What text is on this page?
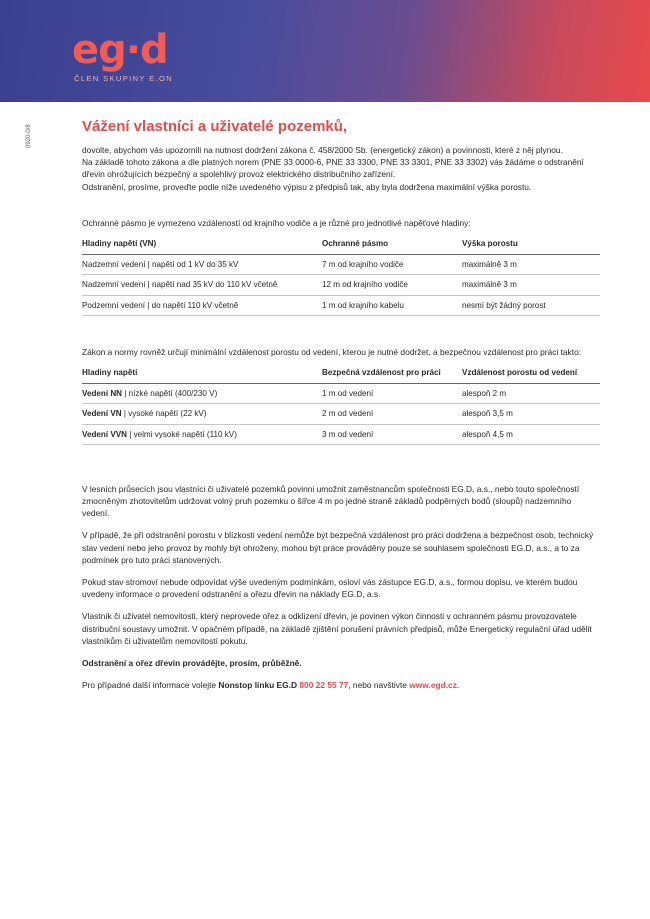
eg·d
ČLEN SKUPINY E.ON
0920-0/8	Vážení vlastníci a uživatelé pozemků,

dovolte, abychom vás upozornili na nutnost dodržení zákona č. 458/2000 Sb. (energetický zákon) a povinnosti, které z něj plynou.
Na základě tohoto zákona a dle platných norem (PNE 33 0000-6, PNE 33 3300, PNE 33 3301, PNE 33 3302) vás žádáme o odstranění
dřevin ohrožujících bezpečný a spolehlivý provoz elektrického distribučního zařízení.
Odstranění, prosíme, proveďte podle níže uvedeného výpisu z předpisů tak, aby byla dodržena maximální výška porostu.

Ochranné pásmo je vymezeno vzdáleností od krajního vodiče a je různé pro jednotlivé napěťové hladiny:

Hladiny napětí (VN)	Ochranné pásmo	Výška porostu
Nadzemní vedení | napětí od 1 kV do 35 kV	7 m od krajního vodiče	maximálně 3 m
Nadzemní vedení | napětí nad 35 kV do 110 kV včetně	12 m od krajního vodiče	maximálně 3 m
Podzemní vedení | do napětí 110 kV včetně	1 m od krajního kabelu	nesmí být žádný porost

Zákon a normy rovněž určují minimální vzdálenost porostu od vedení, kterou je nutné dodržet, a bezpečnou vzdálenost pro práci takto:

Hladiny napětí	Bezpečná vzdálenost pro práci	Vzdálenost porostu od vedení
Vedení NN | nízké napětí (400/230 V)	1 m od vedení	alespoň 2 m
Vedení VN | vysoké napětí (22 kV)	2 m od vedení	alespoň 3,5 m
Vedení VVN | velmi vysoké napětí (110 kV)	3 m od vedení	alespoň 4,5 m

V lesních průsecích jsou vlastníci či uživatelé pozemků povinni umožnit zaměstnancům společnosti EG.D, a.s., nebo touto společností zmocněným zhotovitelům udržovat volný pruh pozemku o šířce 4 m po jedné straně základů podpěrných bodů (sloupů) nadzemního vedení.

V případě, že při odstranění porostu v blízkosti vedení nemůže být bezpečná vzdálenost pro práci dodržena a bezpečnost osob, technický stav vedení nebo jeho provoz by mohly být ohroženy, mohou být práce prováděny pouze se souhlasem společnosti EG.D, a.s., a to za podmínek pro tuto práci stanovených.

Pokud stav stromoví nebude odpovídat výše uvedeným podmínkám, osloví vás zástupce EG.D, a.s., formou dopisu, ve kterém budou uvedeny informace o provedení odstranění a ořezu dřevin na náklady EG.D, a.s.

Vlastník či uživatel nemovitosti, který neprovede ořez a odklizení dřevin, je povinen výkon činnosti v ochranném pásmu provozovatele distribuční soustavy umožnit. V opačném případě, na základě zjištění porušení právních předpisů, může Energetický regulační úřad udělit vlastníkům či uživatelům nemovitostí pokutu.

Odstranění a ořez dřevin provádějte, prosím, průběžně.

Pro případné další informace volejte Nonstop linku EG.D 800 22 55 77, nebo navštivte www.egd.cz.
